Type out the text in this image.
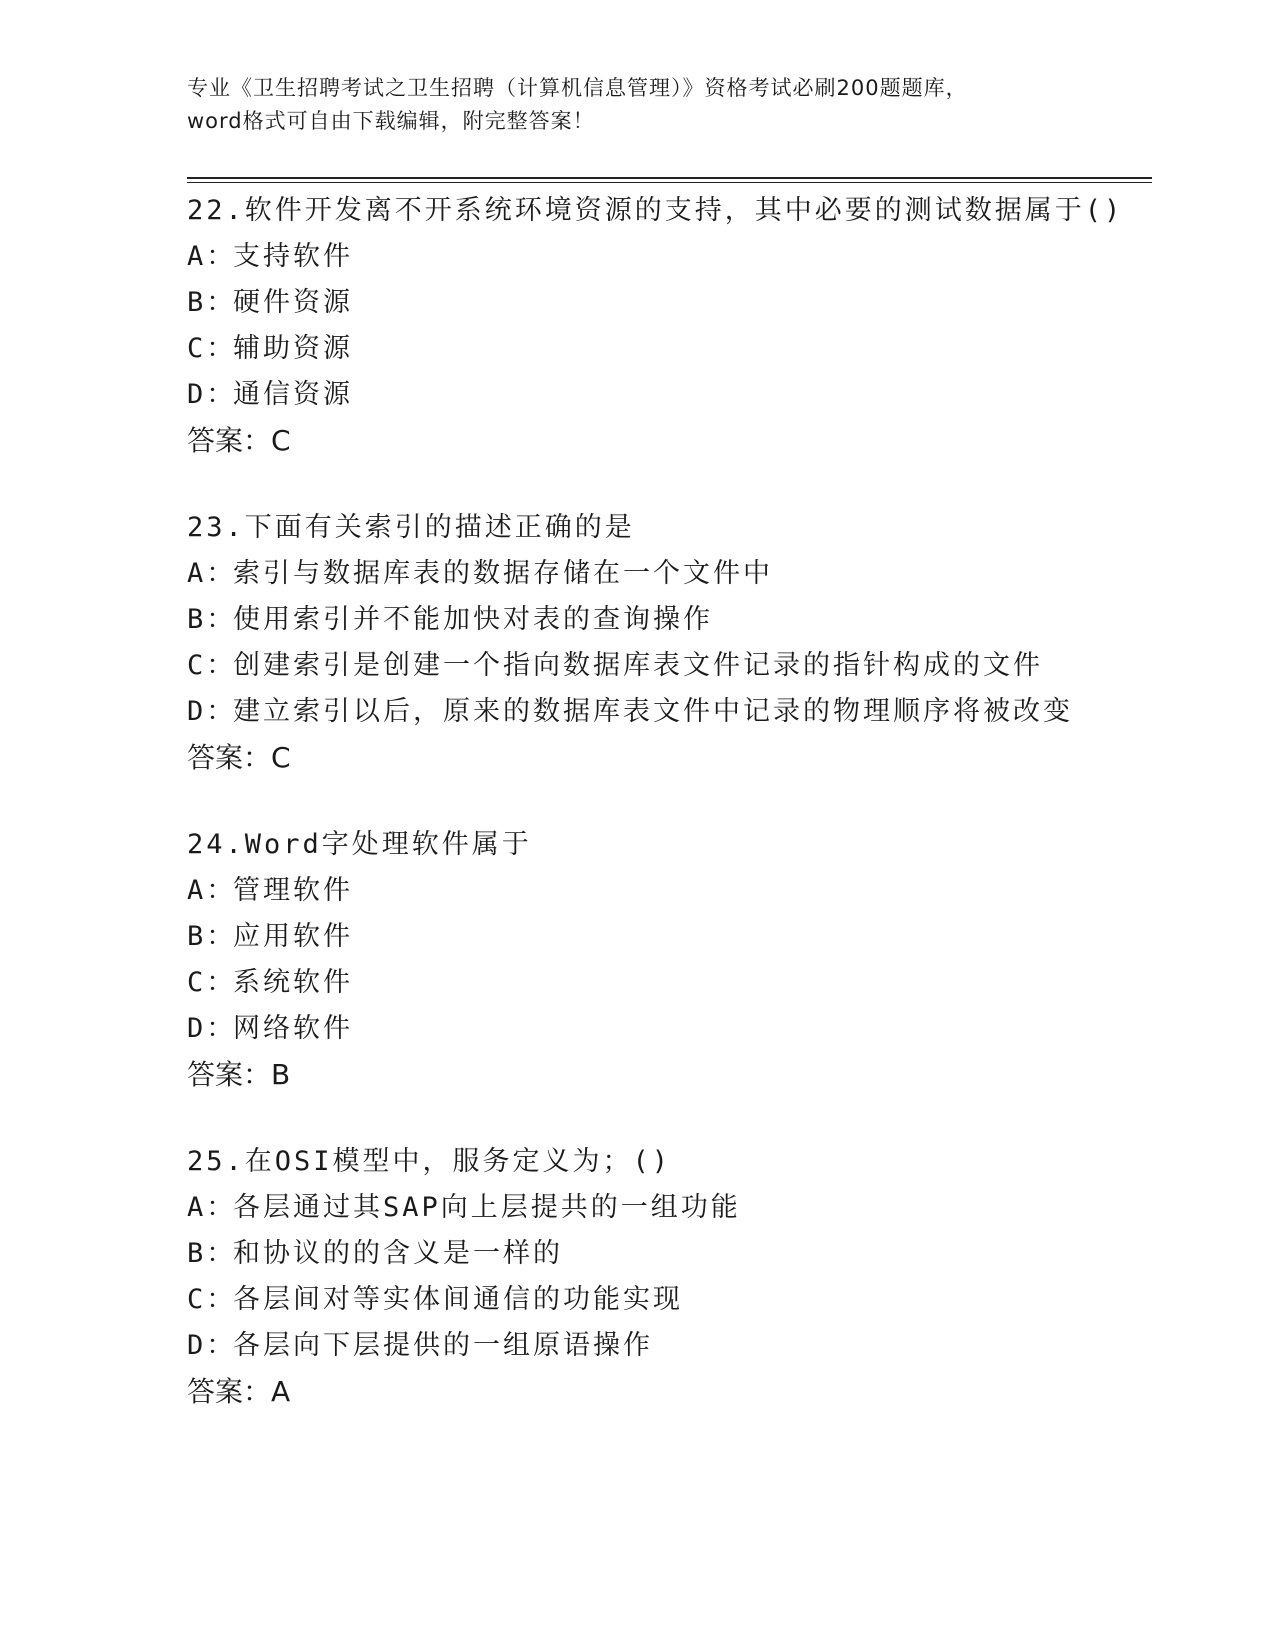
专业《卫生招聘考试之卫生招聘（计算机信息管理）》资格考试必刷200题题库，
word格式可自由下载编辑，附完整答案！
22.软件开发离不开系统环境资源的支持，其中必要的测试数据属于()
A：支持软件
B：硬件资源
C：辅助资源
D：通信资源
答案：C
23.下面有关索引的描述正确的是
A：索引与数据库表的数据存储在一个文件中
B：使用索引并不能加快对表的查询操作
C：创建索引是创建一个指向数据库表文件记录的指针构成的文件
D：建立索引以后，原来的数据库表文件中记录的物理顺序将被改变
答案：C
24.Word字处理软件属于
A：管理软件
B：应用软件
C：系统软件
D：网络软件
答案：B
25.在OSI模型中，服务定义为；()
A：各层通过其SAP向上层提共的一组功能
B：和协议的的含义是一样的
C：各层间对等实体间通信的功能实现
D：各层向下层提供的一组原语操作
答案：A
